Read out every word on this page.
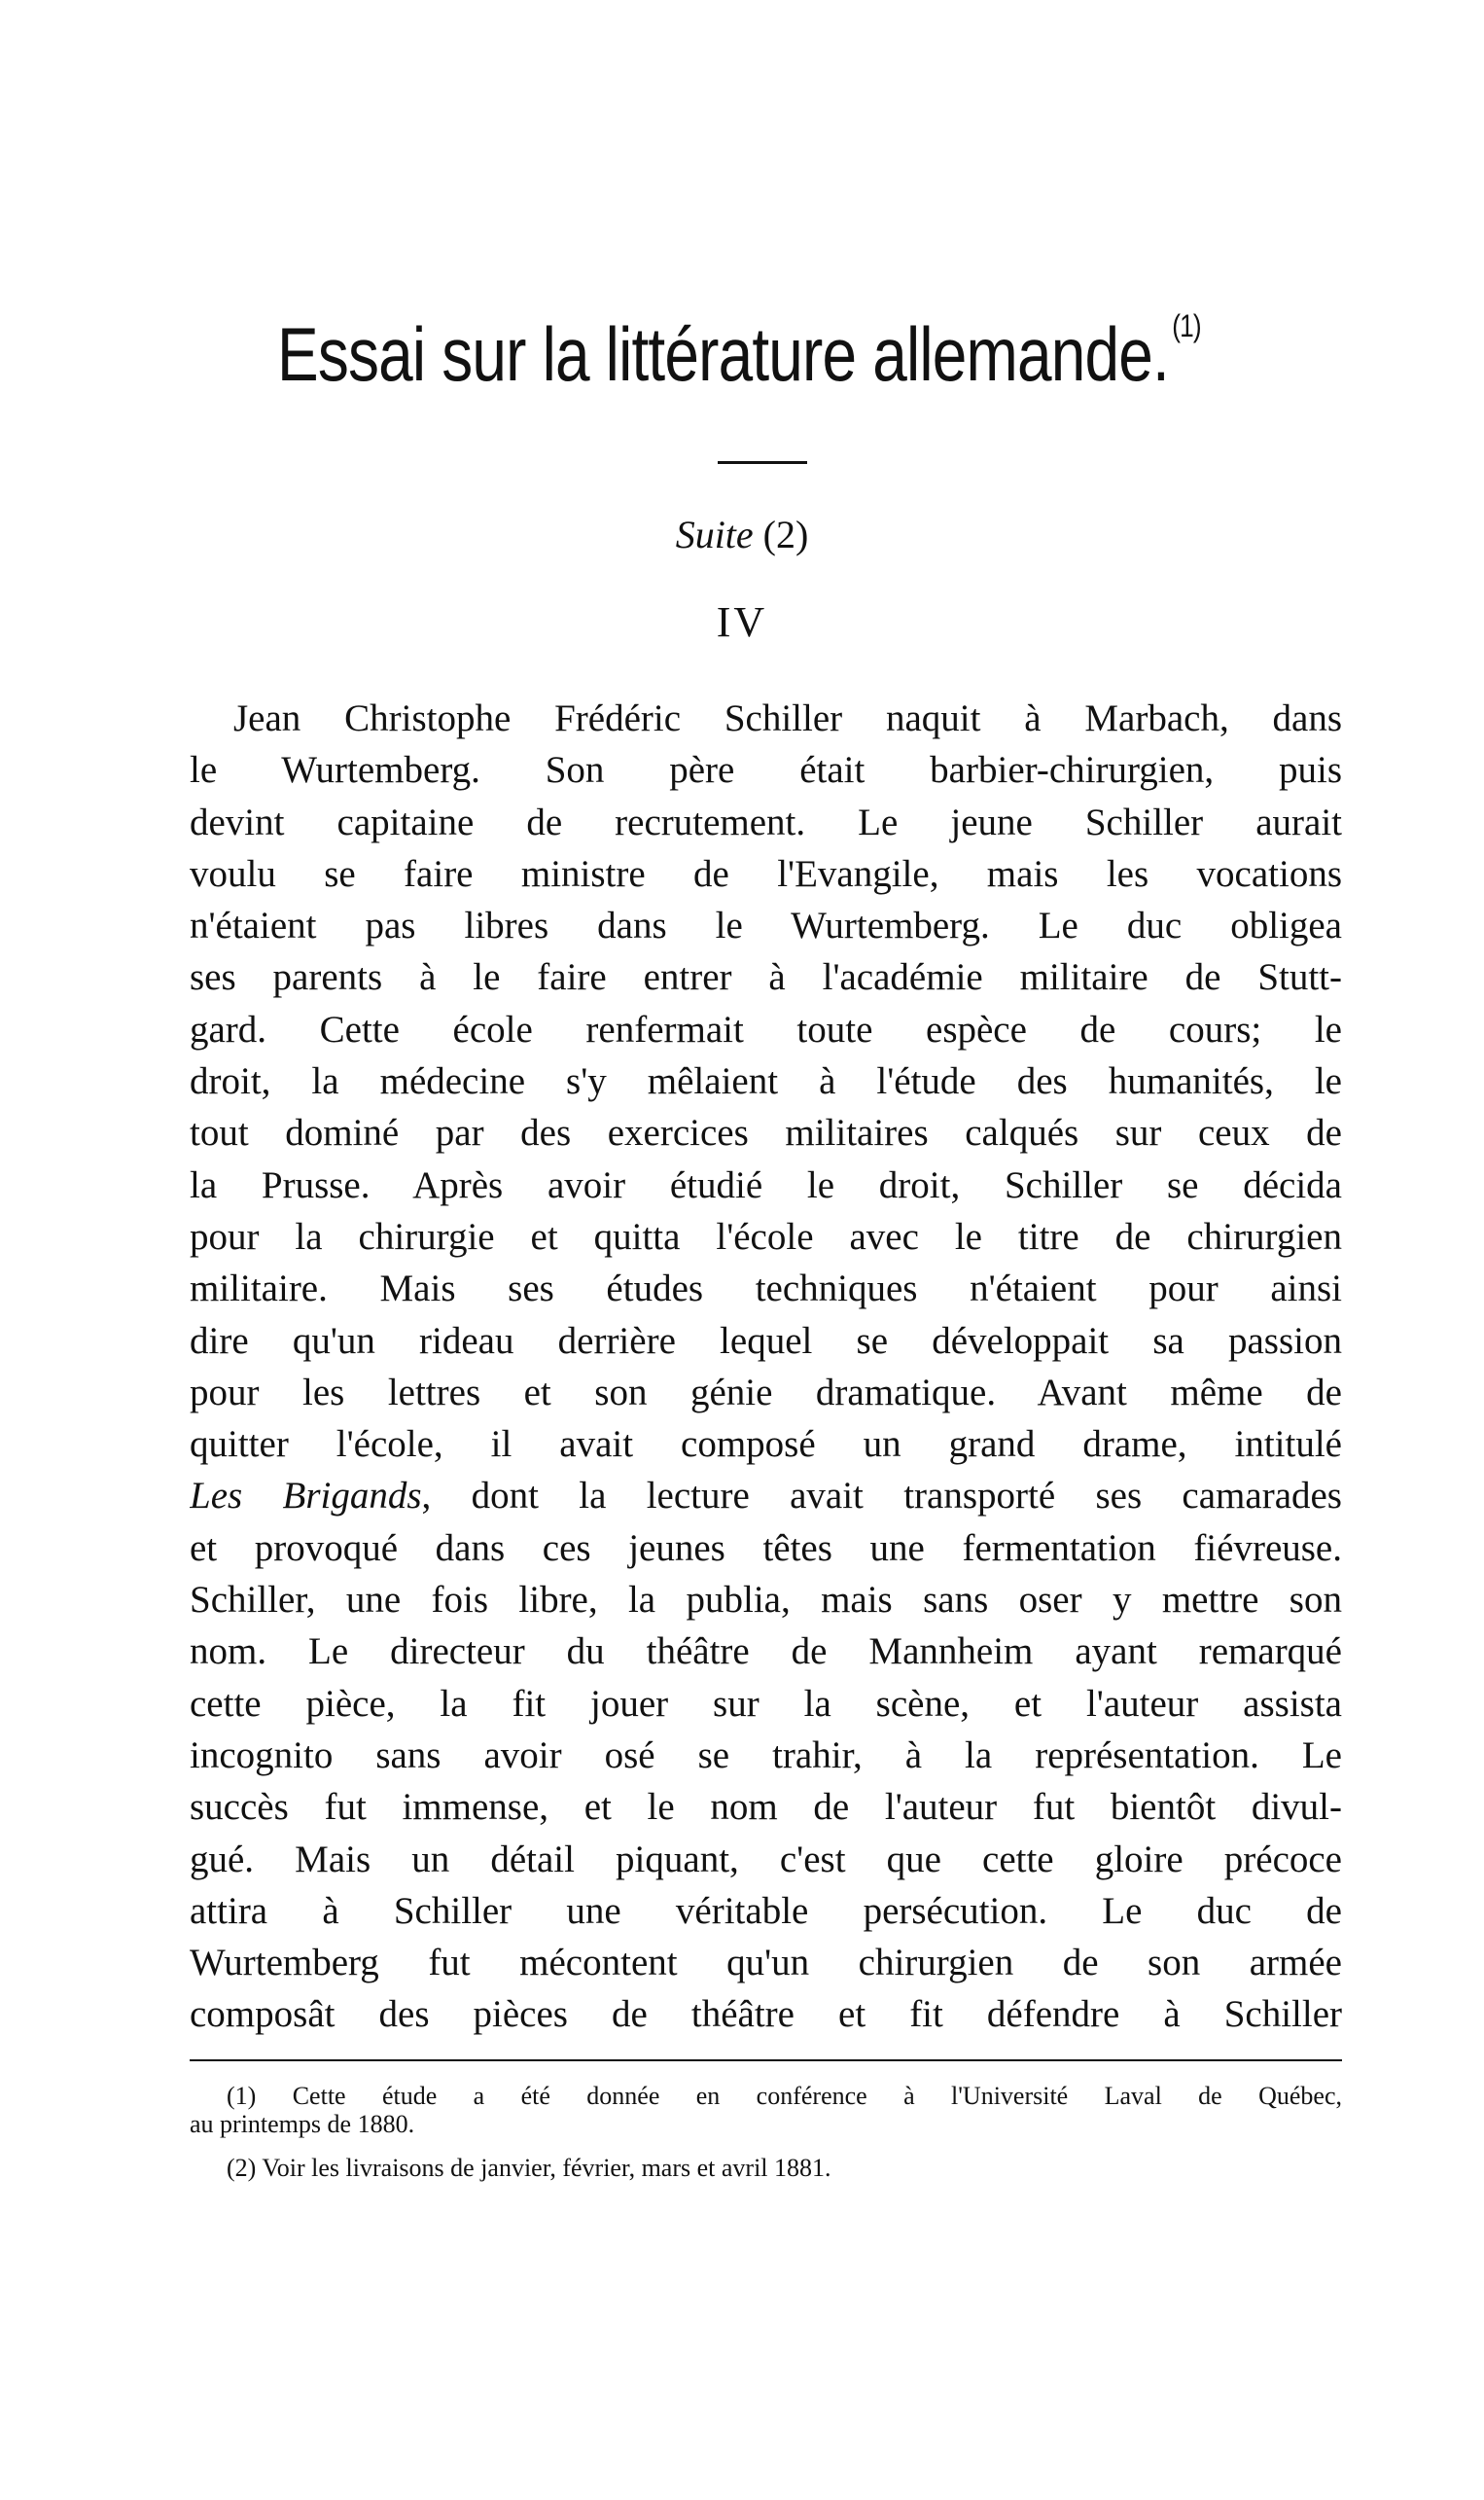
Essai sur la littérature allemande. $^{(1)}$
Suite (2)
IV
Jean Christophe Frédéric Schiller naquit à Marbach, dans
le Wurtemberg. Son père était barbier-chirurgien, puis
devint capitaine de recrutement. Le jeune Schiller aurait
voulu se faire ministre de l'Evangile, mais les vocations
n'étaient pas libres dans le Wurtemberg. Le duc obligea
ses parents à le faire entrer à l'académie militaire de Stutt-
gard. Cette école renfermait toute espèce de cours; le
droit, la médecine s'y mêlaient à l'étude des humanités, le
tout dominé par des exercices militaires calqués sur ceux de
la Prusse. Après avoir étudié le droit, Schiller se décida
pour la chirurgie et quitta l'école avec le titre de chirurgien
militaire. Mais ses études techniques n'étaient pour ainsi
dire qu'un rideau derrière lequel se développait sa passion
pour les lettres et son génie dramatique. Avant même de
quitter l'école, il avait composé un grand drame, intitulé
Les Brigands, dont la lecture avait transporté ses camarades
et provoqué dans ces jeunes têtes une fermentation fiévreuse.
Schiller, une fois libre, la publia, mais sans oser y mettre son
nom. Le directeur du théâtre de Mannheim ayant remarqué
cette pièce, la fit jouer sur la scène, et l'auteur assista
incognito sans avoir osé se trahir, à la représentation. Le
succès fut immense, et le nom de l'auteur fut bientôt divul-
gué. Mais un détail piquant, c'est que cette gloire précoce
attira à Schiller une véritable persécution. Le duc de
Wurtemberg fut mécontent qu'un chirurgien de son armée
composât des pièces de théâtre et fit défendre à Schiller

(1) Cette étude a été donnée en conférence à l'Université Laval de Québec,
au printemps de 1880.

(2) Voir les livraisons de janvier, février, mars et avril 1881.
